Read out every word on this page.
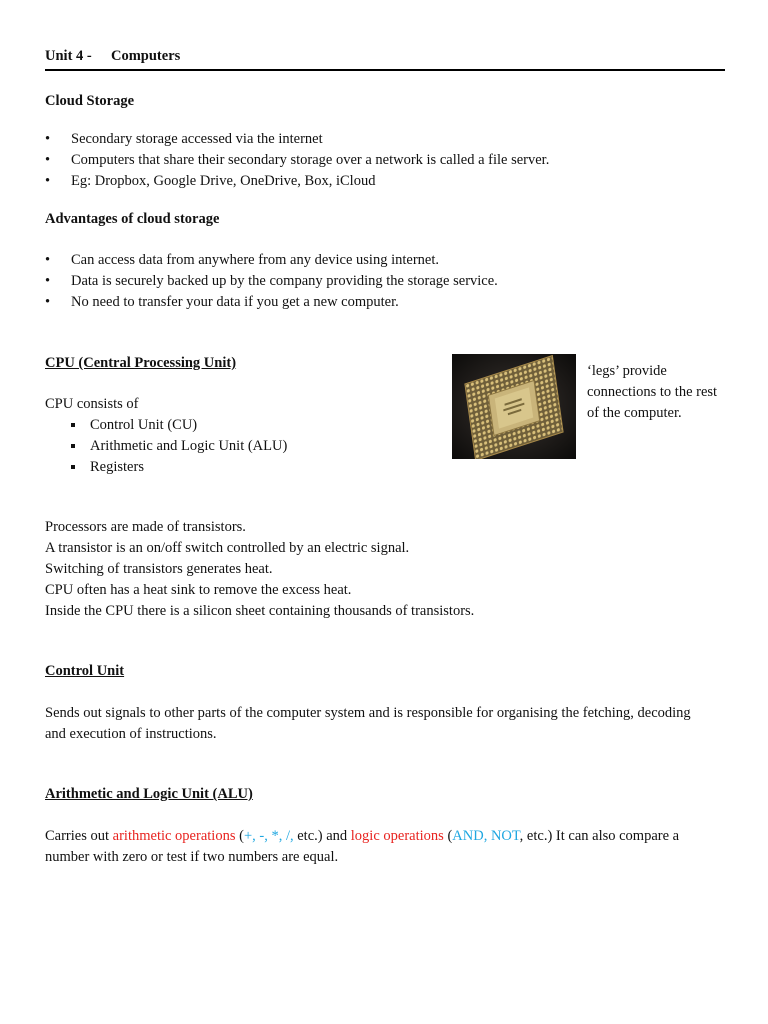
Unit 4 - Computers
Cloud Storage
• Secondary storage accessed via the internet
• Computers that share their secondary storage over a network is called a file server.
• Eg: Dropbox, Google Drive, OneDrive, Box, iCloud
Advantages of cloud storage
• Can access data from anywhere from any device using internet.
• Data is securely backed up by the company providing the storage service.
• No need to transfer your data if you get a new computer.
CPU (Central Processing Unit)
CPU consists of
Control Unit (CU)
Arithmetic and Logic Unit (ALU)
Registers
‘legs’ provide
connections to the rest
of the computer.
Processors are made of transistors.
A transistor is an on/off switch controlled by an electric signal.
Switching of transistors generates heat.
CPU often has a heat sink to remove the excess heat.
Inside the CPU there is a silicon sheet containing thousands of transistors.
Control Unit
Sends out signals to other parts of the computer system and is responsible for organising the fetching, decoding
and execution of instructions.
Arithmetic and Logic Unit (ALU)
Carries out arithmetic operations (+, -, *, /, etc.) and logic operations (AND, NOT, etc.) It can also compare a
number with zero or test if two numbers are equal.
